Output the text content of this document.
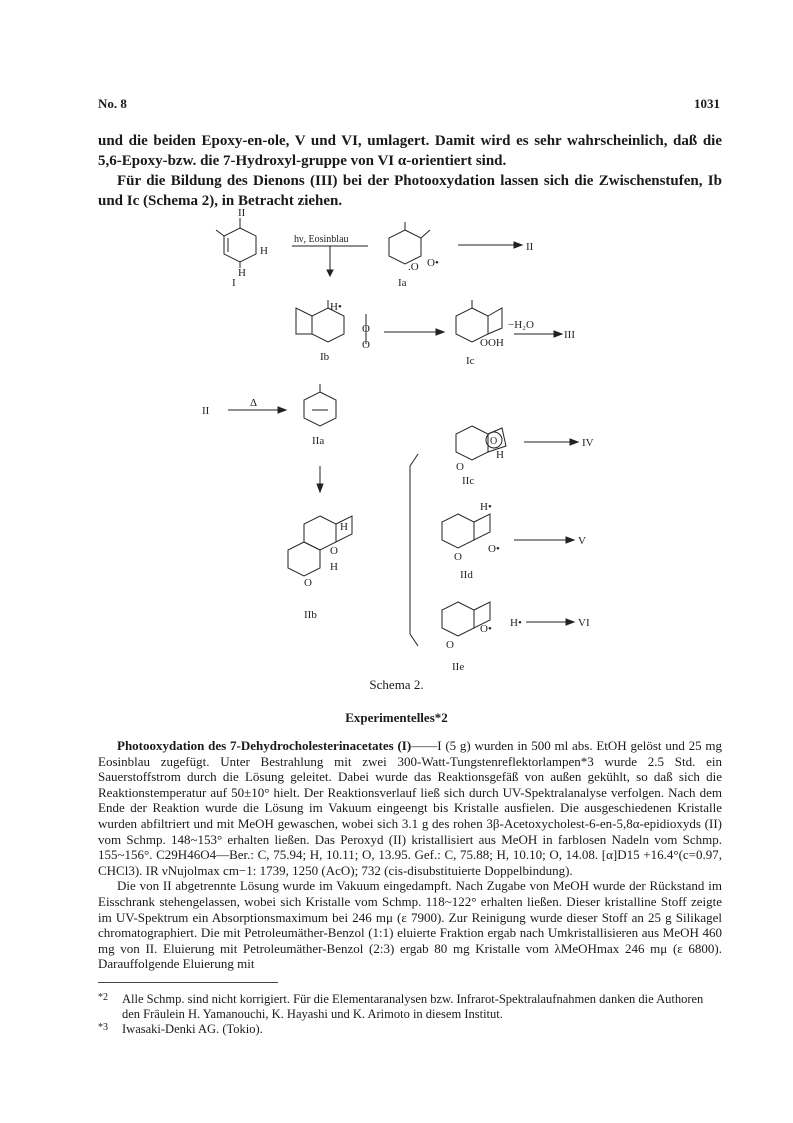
No. 8	1031

und die beiden Epoxy-en-ole, V und VI, umlagert. Damit wird es sehr wahrscheinlich, daß die 5,6-Epoxy-bzw. die 7-Hydroxyl-gruppe von VI α-orientiert sind.

Für die Bildung des Dienons (III) bei der Photooxydation lassen sich die Zwischenstufen, Ib und Ic (Schema 2), in Betracht ziehen.

II
H
H
I
hν, Eosinblau
.O O•
Ia
II
H•
O
O
Ib
−H₂O
OOH
Ic
III
II
Δ
IIa	O
O
H
IIc
IV
H•
O
O•
IId
V
H
O
H
O
IIb
H•
O
O•
IIe
VI
Schema 2.
Experimentelles*2

Photooxydation des 7-Dehydrocholesterinacetates (I)——I (5 g) wurden in 500 ml abs. EtOH gelöst und 25 mg Eosinblau zugefügt. Unter Bestrahlung mit zwei 300-Watt-Tungstenreflektorlampen*3 wurde 2.5 Std. ein Sauerstoffstrom durch die Lösung geleitet. Dabei wurde das Reaktionsgefäß von außen gekühlt, so daß sich die Reaktionstemperatur auf 50±10° hielt. Der Reaktionsverlauf ließ sich durch UV-Spektralanalyse verfolgen. Nach dem Ende der Reaktion wurde die Lösung im Vakuum eingeengt bis Kristalle ausfielen. Die ausgeschiedenen Kristalle wurden abfiltriert und mit MeOH gewaschen, wobei sich 3.1 g des rohen 3β-Acetoxycholest-6-en-5,8α-epidioxyds (II) vom Schmp. 148~153° erhalten ließen. Das Peroxyd (II) kristallisiert aus MeOH in farblosen Nadeln vom Schmp. 155~156°. C29H46O4—Ber.: C, 75.94; H, 10.11; O, 13.95. Gef.: C, 75.88; H, 10.10; O, 14.08. [α]D15 +16.4°(c=0.97, CHCl3). IR νNujolmax cm−1: 1739, 1250 (AcO); 732 (cis-disubstituierte Doppelbindung).

Die von II abgetrennte Lösung wurde im Vakuum eingedampft. Nach Zugabe von MeOH wurde der Rückstand im Eisschrank stehengelassen, wobei sich Kristalle vom Schmp. 118~122° erhalten ließen. Dieser kristalline Stoff zeigte im UV-Spektrum ein Absorptionsmaximum bei 246 mμ (ε 7900). Zur Reinigung wurde dieser Stoff an 25 g Silikagel chromatographiert. Die mit Petroleumäther-Benzol (1:1) eluierte Fraktion ergab nach Umkristallisieren aus MeOH 460 mg von II. Eluierung mit Petroleumäther-Benzol (2:3) ergab 80 mg Kristalle vom λMeOHmax 246 mμ (ε 6800). Darauffolgende Eluierung mit

*2 Alle Schmp. sind nicht korrigiert. Für die Elementaranalysen bzw. Infrarot-Spektralaufnahmen danken die Authoren den Fräulein H. Yamanouchi, K. Hayashi und K. Arimoto in diesem Institut.
*3 Iwasaki-Denki AG. (Tokio).
